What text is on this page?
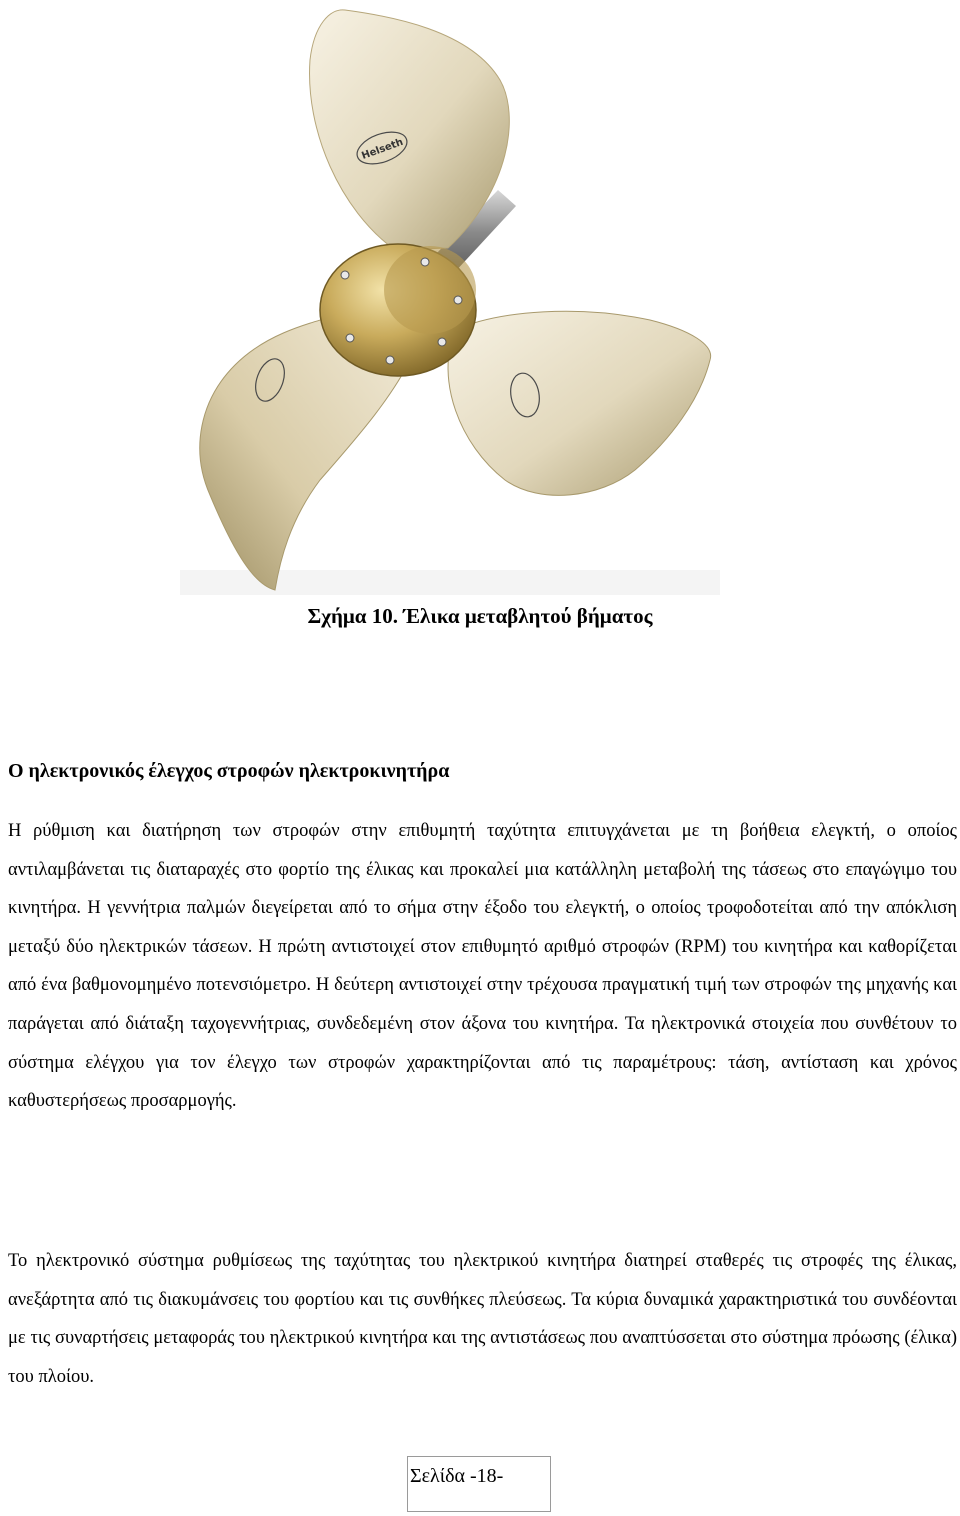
Helseth
Σχήμα 10. Έλικα μεταβλητού βήματος
Ο ηλεκτρονικός έλεγχος στροφών ηλεκτροκινητήρα

Η ρύθμιση και διατήρηση των στροφών στην επιθυμητή ταχύτητα επιτυγχάνεται με τη βοήθεια ελεγκτή, ο οποίος αντιλαμβάνεται τις διαταραχές στο φορτίο της έλικας και προκαλεί μια κατάλληλη μεταβολή της τάσεως στο επαγώγιμο του κινητήρα. Η γεννήτρια παλμών διεγείρεται από το σήμα στην έξοδο του ελεγκτή, ο οποίος τροφοδοτείται από την απόκλιση μεταξύ δύο ηλεκτρικών τάσεων. Η πρώτη αντιστοιχεί στον επιθυμητό αριθμό στροφών (RPM) του κινητήρα και καθορίζεται από ένα βαθμονομημένο ποτενσιόμετρο. Η δεύτερη αντιστοιχεί στην τρέχουσα πραγματική τιμή των στροφών της μηχανής και παράγεται από διάταξη ταχογεννήτριας, συνδεδεμένη στον άξονα του κινητήρα. Τα ηλεκτρονικά στοιχεία που συνθέτουν το σύστημα ελέγχου για τον έλεγχο των στροφών χαρακτηρίζονται από τις παραμέτρους: τάση, αντίσταση και χρόνος καθυστερήσεως προσαρμογής.

Το ηλεκτρονικό σύστημα ρυθμίσεως της ταχύτητας του ηλεκτρικού κινητήρα διατηρεί σταθερές τις στροφές της έλικας, ανεξάρτητα από τις διακυμάνσεις του φορτίου και τις συνθήκες πλεύσεως. Τα κύρια δυναμικά χαρακτηριστικά του συνδέονται με τις συναρτήσεις μεταφοράς του ηλεκτρικού κινητήρα και της αντιστάσεως που αναπτύσσεται στο σύστημα πρόωσης (έλικα) του πλοίου.

Σελίδα -18-
